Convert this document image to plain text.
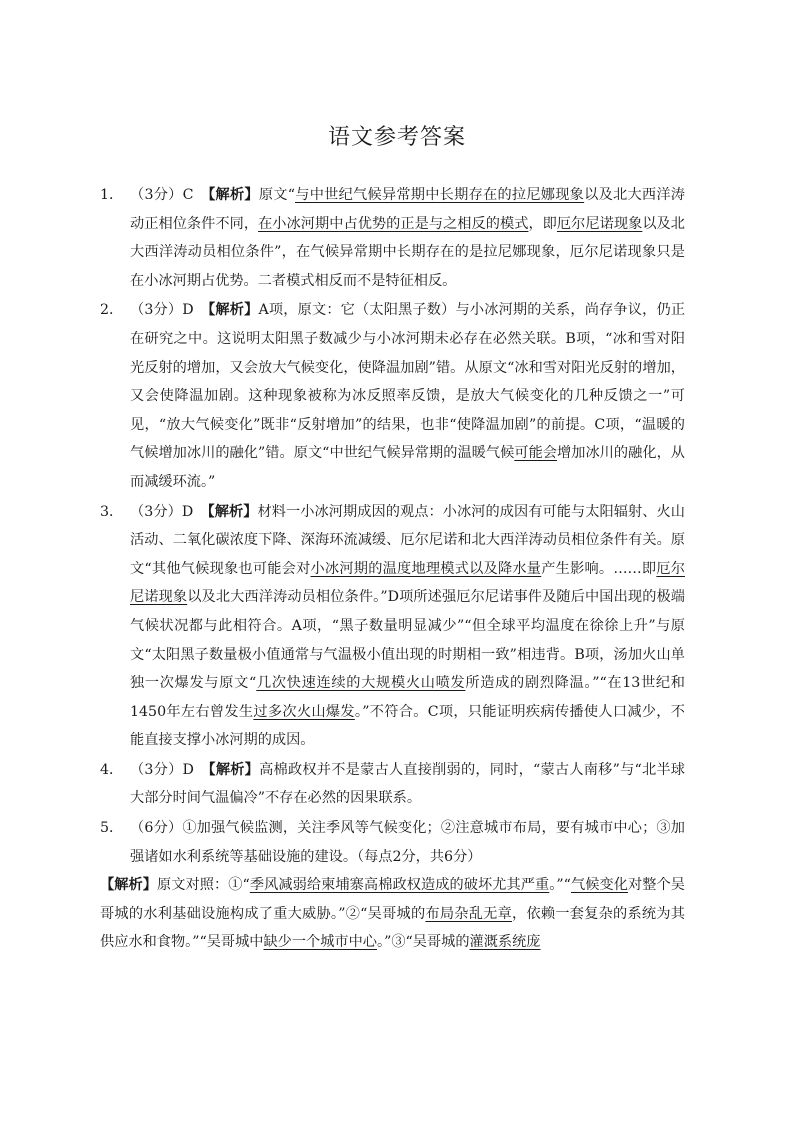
语文参考答案
1． （3分）C　【解析】原文“与中世纪气候异常期中长期存在的拉尼娜现象以及北大西洋涛动正相位条件不同，在小冰河期中占优势的正是与之相反的模式，即厄尔尼诺现象以及北大西洋涛动员相位条件”，在气候异常期中长期存在的是拉尼娜现象，厄尔尼诺现象只是在小冰河期占优势。二者模式相反而不是特征相反。

2． （3分）D　【解析】A项，原文：它（太阳黑子数）与小冰河期的关系，尚存争议，仍正在研究之中。这说明太阳黑子数减少与小冰河期未必存在必然关联。B项，“冰和雪对阳光反射的增加，又会放大气候变化，使降温加剧”错。从原文“冰和雪对阳光反射的增加，又会使降温加剧。这种现象被称为冰反照率反馈，是放大气候变化的几种反馈之一”可见，“放大气候变化”既非“反射增加”的结果，也非“使降温加剧”的前提。C项，“温暖的气候增加冰川的融化”错。原文“中世纪气候异常期的温暖气候可能会增加冰川的融化，从而减缓环流。”

3． （3分）D　【解析】材料一小冰河期成因的观点：小冰河的成因有可能与太阳辐射、火山活动、二氧化碳浓度下降、深海环流减缓、厄尔尼诺和北大西洋涛动员相位条件有关。原文“其他气候现象也可能会对小冰河期的温度地理模式以及降水量产生影响。……即厄尔尼诺现象以及北大西洋涛动员相位条件。”D项所述强厄尔尼诺事件及随后中国出现的极端气候状况都与此相符合。A项，“黑子数量明显减少”“但全球平均温度在徐徐上升”与原文“太阳黑子数量极小值通常与气温极小值出现的时期相一致”相违背。B项，汤加火山单独一次爆发与原文“几次快速连续的大规模火山喷发所造成的剧烈降温。”“在13世纪和1450年左右曾发生过多次火山爆发。”不符合。C项，只能证明疾病传播使人口减少，不能直接支撑小冰河期的成因。

4． （3分）D　【解析】高棉政权并不是蒙古人直接削弱的，同时，“蒙古人南移”与“北半球大部分时间气温偏冷”不存在必然的因果联系。

5． （6分）①加强气候监测，关注季风等气候变化；②注意城市布局，要有城市中心；③加强诸如水利系统等基础设施的建设。（每点2分，共6分）

【解析】原文对照：①“季风减弱给柬埔寨高棉政权造成的破坏尤其严重。”“气候变化对整个吴哥城的水利基础设施构成了重大威胁。”②“吴哥城的布局杂乱无章，依赖一套复杂的系统为其供应水和食物。”“吴哥城中缺少一个城市中心。”③“吴哥城的灌溉系统庞
